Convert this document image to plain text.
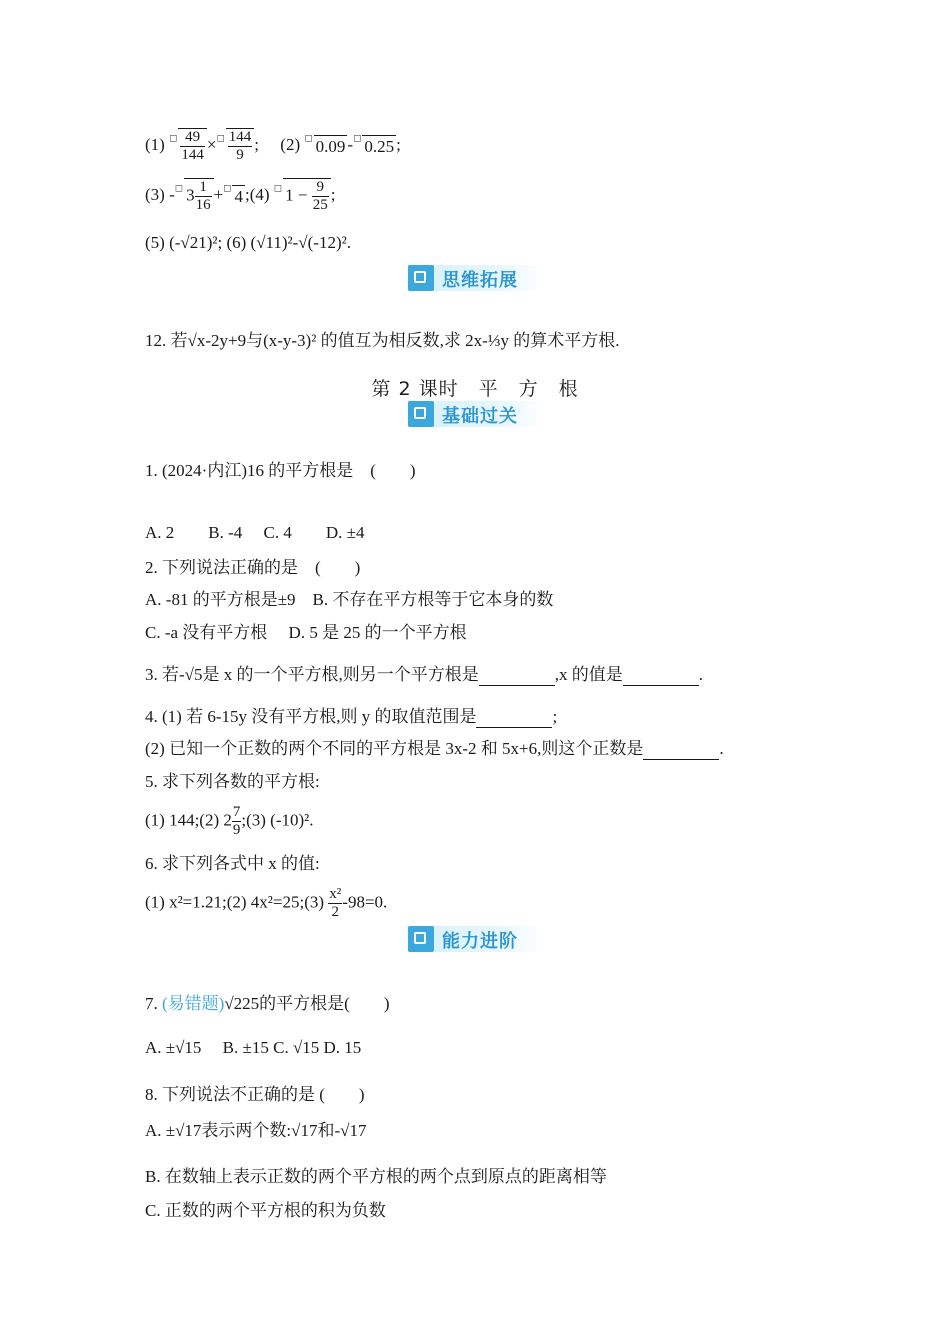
(1) $^◻ \frac{49}{144} \times^◻ \frac{144}{9}$ ;　 (2) ◻ 0.09 -◻ 0.25 ;
(3) -◻ $3 \frac{1}{16} +^◻$ 4 ;(4) ◻ $1 - \frac{9}{25}$ ;
(5) (-√21)²; (6) (√11)²-√(-12)².
思维拓展
12. 若√x-2y+9与(x-y-3)² 的值互为相反数,求 2x-⅓y 的算术平方根.
第 2 课时　平　方　根
基础过关
1. (2024·内江)16 的平方根是　(　　)
A. 2　　B. -4　 C. 4　　D. ±4
2. 下列说法正确的是　(　　)
A. -81 的平方根是±9　B. 不存在平方根等于它本身的数
C. -a 没有平方根　 D. 5 是 25 的一个平方根
3. 若-√5是 x 的一个平方根,则另一个平方根是	,x 的值是	.
4. (1) 若 6-15y 没有平方根,则 y 的取值范围是	;
(2) 已知一个正数的两个不同的平方根是 3x-2 和 5x+6,则这个正数是	.
5. 求下列各数的平方根:
(1) 144;(2) $2 \frac{7}{9}$ ;(3) (-10)².
6. 求下列各式中 x 的值:
(1) x²=1.21;(2) 4x²=25;(3) $\frac{\text{x²}}{2} -98=0$.
能力进阶
7. (易错题)√225的平方根是(　　)
A. ±√15　 B. ±15 C. √15 D. 15
8. 下列说法不正确的是 (　　)
A. ±√17表示两个数:√17和-√17
B. 在数轴上表示正数的两个平方根的两个点到原点的距离相等
C. 正数的两个平方根的积为负数
